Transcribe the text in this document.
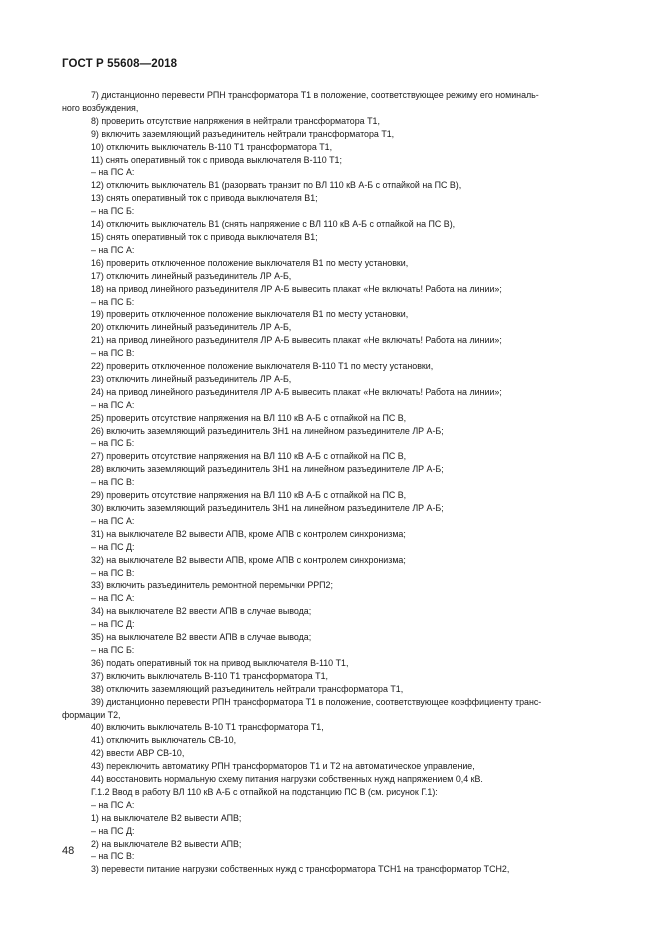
ГОСТ Р 55608—2018

7) дистанционно перевести РПН трансформатора Т1 в положение, соответствующее режиму его номиналь-

ного возбуждения,

8) проверить отсутствие напряжения в нейтрали трансформатора Т1,

9) включить заземляющий разъединитель нейтрали трансформатора Т1,

10) отключить выключатель В-110 Т1 трансформатора Т1,

11) снять оперативный ток с привода выключателя В-110 Т1;

– на ПС А:

12) отключить выключатель В1 (разорвать транзит по ВЛ 110 кВ А-Б с отпайкой на ПС В),

13) снять оперативный ток с привода выключателя В1;

– на ПС Б:

14) отключить выключатель В1 (снять напряжение с ВЛ 110 кВ А-Б с отпайкой на ПС В),

15) снять оперативный ток с привода выключателя В1;

– на ПС А:

16) проверить отключенное положение выключателя В1 по месту установки,

17) отключить линейный разъединитель ЛР А-Б,

18) на привод линейного разъединителя ЛР А-Б вывесить плакат «Не включать! Работа на линии»;

– на ПС Б:

19) проверить отключенное положение выключателя В1 по месту установки,

20) отключить линейный разъединитель ЛР А-Б,

21) на привод линейного разъединителя ЛР А-Б вывесить плакат «Не включать! Работа на линии»;

– на ПС В:

22) проверить отключенное положение выключателя В-110 Т1 по месту установки,

23) отключить линейный разъединитель ЛР А-Б,

24) на привод линейного разъединителя ЛР А-Б вывесить плакат «Не включать! Работа на линии»;

– на ПС А:

25) проверить отсутствие напряжения на ВЛ 110 кВ А-Б с отпайкой на ПС В,

26) включить заземляющий разъединитель ЗН1 на линейном разъединителе ЛР А-Б;

– на ПС Б:

27) проверить отсутствие напряжения на ВЛ 110 кВ А-Б с отпайкой на ПС В,

28) включить заземляющий разъединитель ЗН1 на линейном разъединителе ЛР А-Б;

– на ПС В:

29) проверить отсутствие напряжения на ВЛ 110 кВ А-Б с отпайкой на ПС В,

30) включить заземляющий разъединитель ЗН1 на линейном разъединителе ЛР А-Б;

– на ПС А:

31) на выключателе В2 вывести АПВ, кроме АПВ с контролем синхронизма;

– на ПС Д:

32) на выключателе В2 вывести АПВ, кроме АПВ с контролем синхронизма;

– на ПС В:

33) включить разъединитель ремонтной перемычки РРП2;

– на ПС А:

34) на выключателе В2 ввести АПВ в случае вывода;

– на ПС Д:

35) на выключателе В2 ввести АПВ в случае вывода;

– на ПС Б:

36) подать оперативный ток на привод выключателя В-110 Т1,

37) включить выключатель В-110 Т1 трансформатора Т1,

38) отключить заземляющий разъединитель нейтрали трансформатора Т1,

39) дистанционно перевести РПН трансформатора Т1 в положение, соответствующее коэффициенту транс-

формации Т2,

40) включить выключатель В-10 Т1 трансформатора Т1,

41) отключить выключатель СВ-10,

42) ввести АВР СВ-10,

43) переключить автоматику РПН трансформаторов Т1 и Т2 на автоматическое управление,

44) восстановить нормальную схему питания нагрузки собственных нужд напряжением 0,4 кВ.

Г.1.2 Ввод в работу ВЛ 110 кВ А-Б с отпайкой на подстанцию ПС В (см. рисунок Г.1):

– на ПС А:

1) на выключателе В2 вывести АПВ;

– на ПС Д:

2) на выключателе В2 вывести АПВ;

– на ПС В:

3) перевести питание нагрузки собственных нужд с трансформатора ТСН1 на трансформатор ТСН2,

48
